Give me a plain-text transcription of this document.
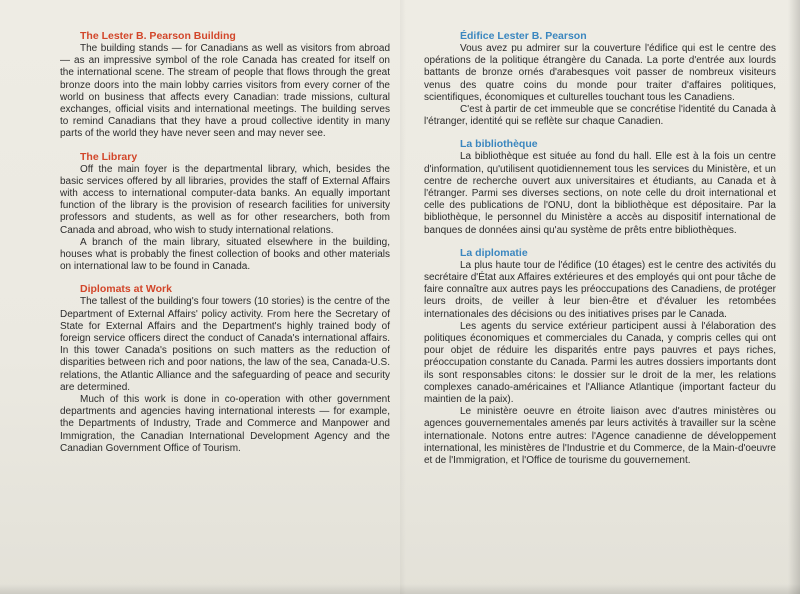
The Lester B. Pearson Building

The building stands — for Canadians as well as visitors from abroad — as an impressive symbol of the role Canada has created for itself on the international scene. The stream of people that flows through the great bronze doors into the main lobby carries visitors from every corner of the world on business that affects every Canadian: trade missions, cultural exchanges, official visits and international meetings. The building serves to remind Canadians that they have a proud collective identity in many parts of the world they have never seen and may never see.

The Library

Off the main foyer is the departmental library, which, besides the basic services offered by all libraries, provides the staff of External Affairs with access to international computer-data banks. An equally important function of the library is the provision of research facilities for university professors and students, as well as for other researchers, both from Canada and abroad, who wish to study international relations.

A branch of the main library, situated elsewhere in the building, houses what is probably the finest collection of books and other materials on international law to be found in Canada.

Diplomats at Work

The tallest of the building's four towers (10 stories) is the centre of the Department of External Affairs' policy activity. From here the Secretary of State for External Affairs and the Department's highly trained body of foreign service officers direct the conduct of Canada's international affairs. In this tower Canada's positions on such matters as the reduction of disparities between rich and poor nations, the law of the sea, Canada-U.S. relations, the Atlantic Alliance and the safeguarding of peace and security are determined.

Much of this work is done in co-operation with other government departments and agencies having international interests — for example, the Departments of Industry, Trade and Commerce and Manpower and Immigration, the Canadian International Development Agency and the Canadian Government Office of Tourism.

Édifice Lester B. Pearson

Vous avez pu admirer sur la couverture l'édifice qui est le centre des opérations de la politique étrangère du Canada. La porte d'entrée aux lourds battants de bronze ornés d'arabesques voit passer de nombreux visiteurs venus des quatre coins du monde pour traiter d'affaires politiques, scientifiques, économiques et culturelles touchant tous les Canadiens.

C'est à partir de cet immeuble que se concrétise l'identité du Canada à l'étranger, identité qui se reflète sur chaque Canadien.

La bibliothèque

La bibliothèque est située au fond du hall. Elle est à la fois un centre d'information, qu'utilisent quotidiennement tous les services du Ministère, et un centre de recherche ouvert aux universitaires et étudiants, au Canada et à l'étranger. Parmi ses diverses sections, on note celle du droit international et celle des publications de l'ONU, dont la bibliothèque est dépositaire. Par la bibliothèque, le personnel du Ministère a accès au dispositif international de banques de données ainsi qu'au système de prêts entre bibliothèques.

La diplomatie

La plus haute tour de l'édifice (10 étages) est le centre des activités du secrétaire d'État aux Affaires extérieures et des employés qui ont pour tâche de faire connaître aux autres pays les préoccupations des Canadiens, de protéger leurs droits, de veiller à leur bien-être et d'évaluer les retombées internationales des décisions ou des initiatives prises par le Canada.

Les agents du service extérieur participent aussi à l'élaboration des politiques économiques et commerciales du Canada, y compris celles qui ont pour objet de réduire les disparités entre pays pauvres et pays riches, préoccupation constante du Canada. Parmi les autres dossiers importants dont ils sont responsables citons: le dossier sur le droit de la mer, les relations complexes canado-américaines et l'Alliance Atlantique (important facteur du maintien de la paix).

Le ministère oeuvre en étroite liaison avec d'autres ministères ou agences gouvernementales amenés par leurs activités à travailler sur la scène internationale. Notons entre autres: l'Agence canadienne de développement international, les ministères de l'Industrie et du Commerce, de la Main-d'oeuvre et de l'Immigration, et l'Office de tourisme du gouvernement.
